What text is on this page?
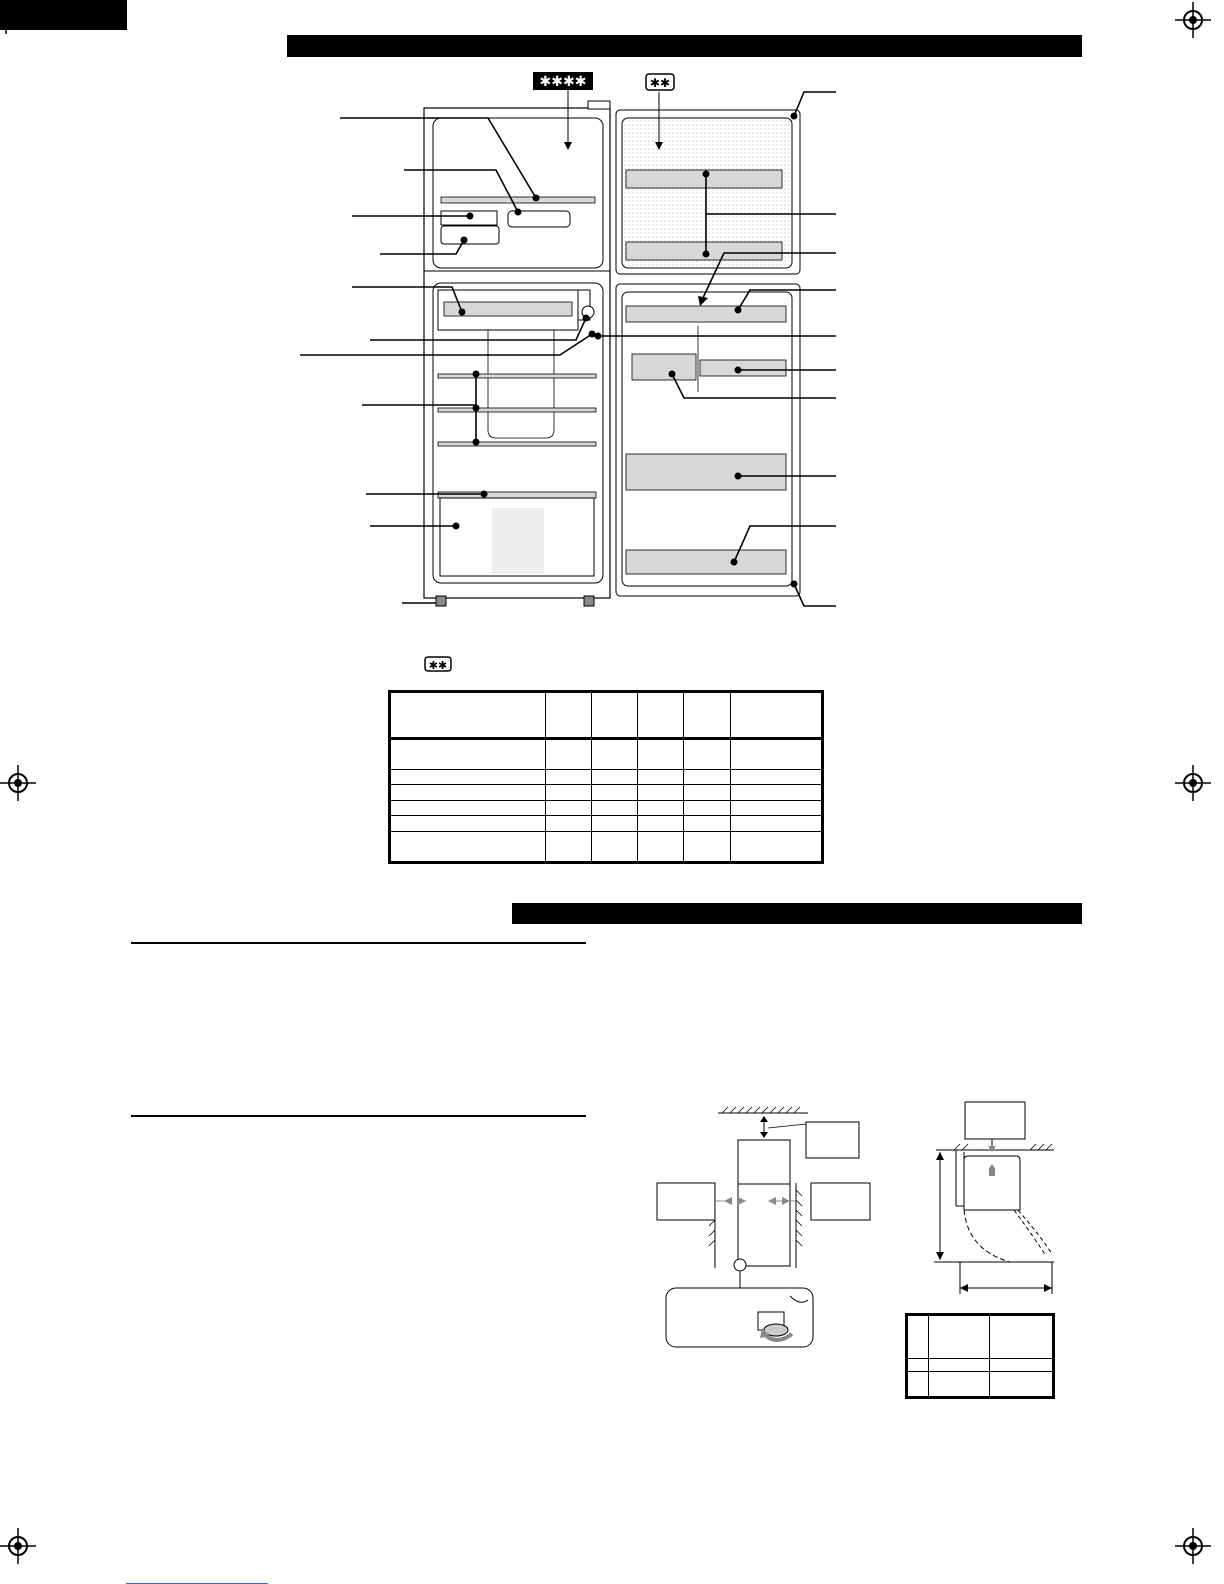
✱✱✱✱	✱✱
✱✱
